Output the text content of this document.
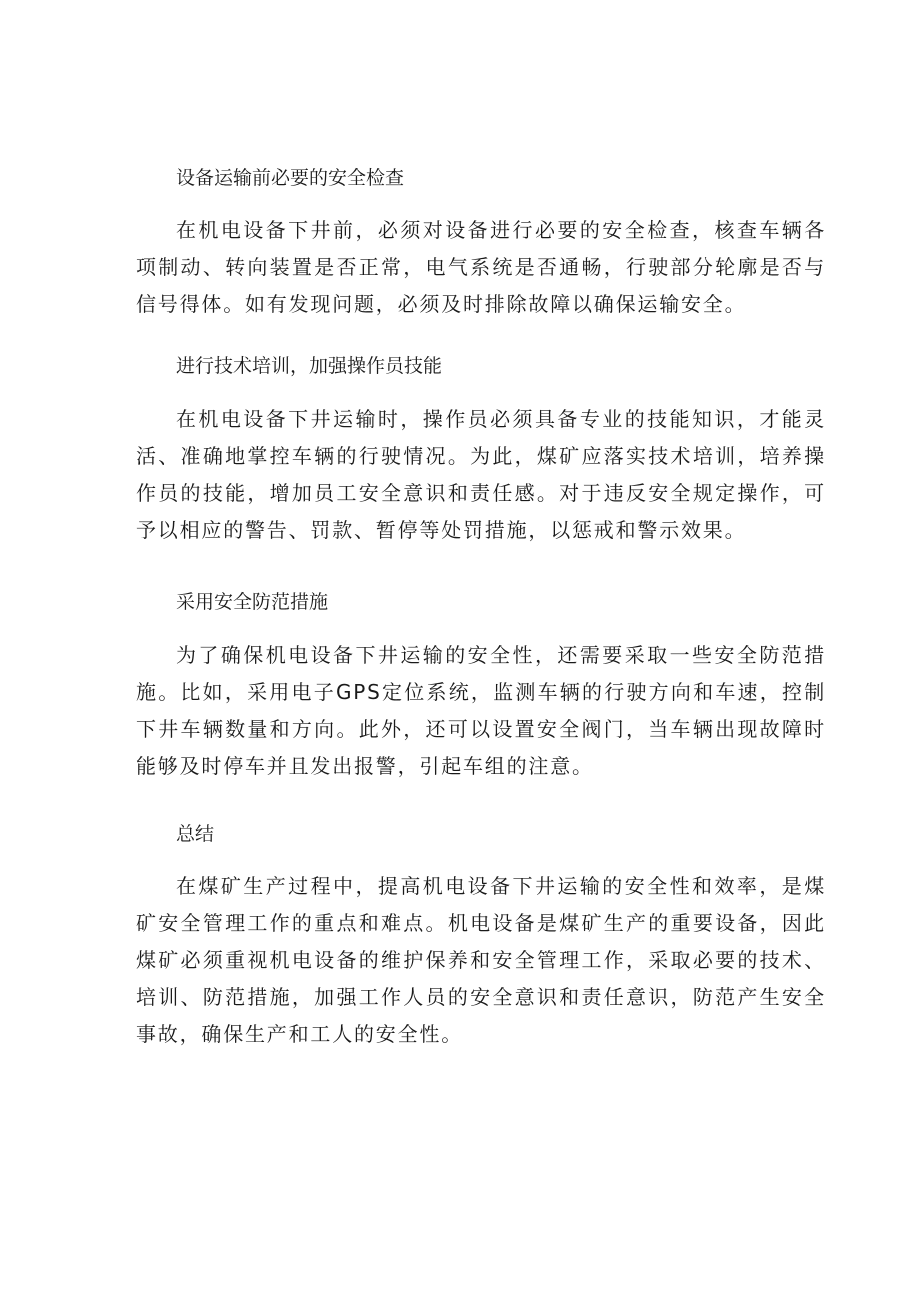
设备运输前必要的安全检查

在机电设备下井前，必须对设备进行必要的安全检查，核查车辆各项制动、转向装置是否正常，电气系统是否通畅，行驶部分轮廓是否与信号得体。如有发现问题，必须及时排除故障以确保运输安全。

进行技术培训，加强操作员技能

在机电设备下井运输时，操作员必须具备专业的技能知识，才能灵活、准确地掌控车辆的行驶情况。为此，煤矿应落实技术培训，培养操作员的技能，增加员工安全意识和责任感。对于违反安全规定操作，可予以相应的警告、罚款、暂停等处罚措施，以惩戒和警示效果。

采用安全防范措施

为了确保机电设备下井运输的安全性，还需要采取一些安全防范措施。比如，采用电子GPS定位系统，监测车辆的行驶方向和车速，控制下井车辆数量和方向。此外，还可以设置安全阀门，当车辆出现故障时能够及时停车并且发出报警，引起车组的注意。

总结

在煤矿生产过程中，提高机电设备下井运输的安全性和效率，是煤矿安全管理工作的重点和难点。机电设备是煤矿生产的重要设备，因此煤矿必须重视机电设备的维护保养和安全管理工作，采取必要的技术、培训、防范措施，加强工作人员的安全意识和责任意识，防范产生安全事故，确保生产和工人的安全性。
